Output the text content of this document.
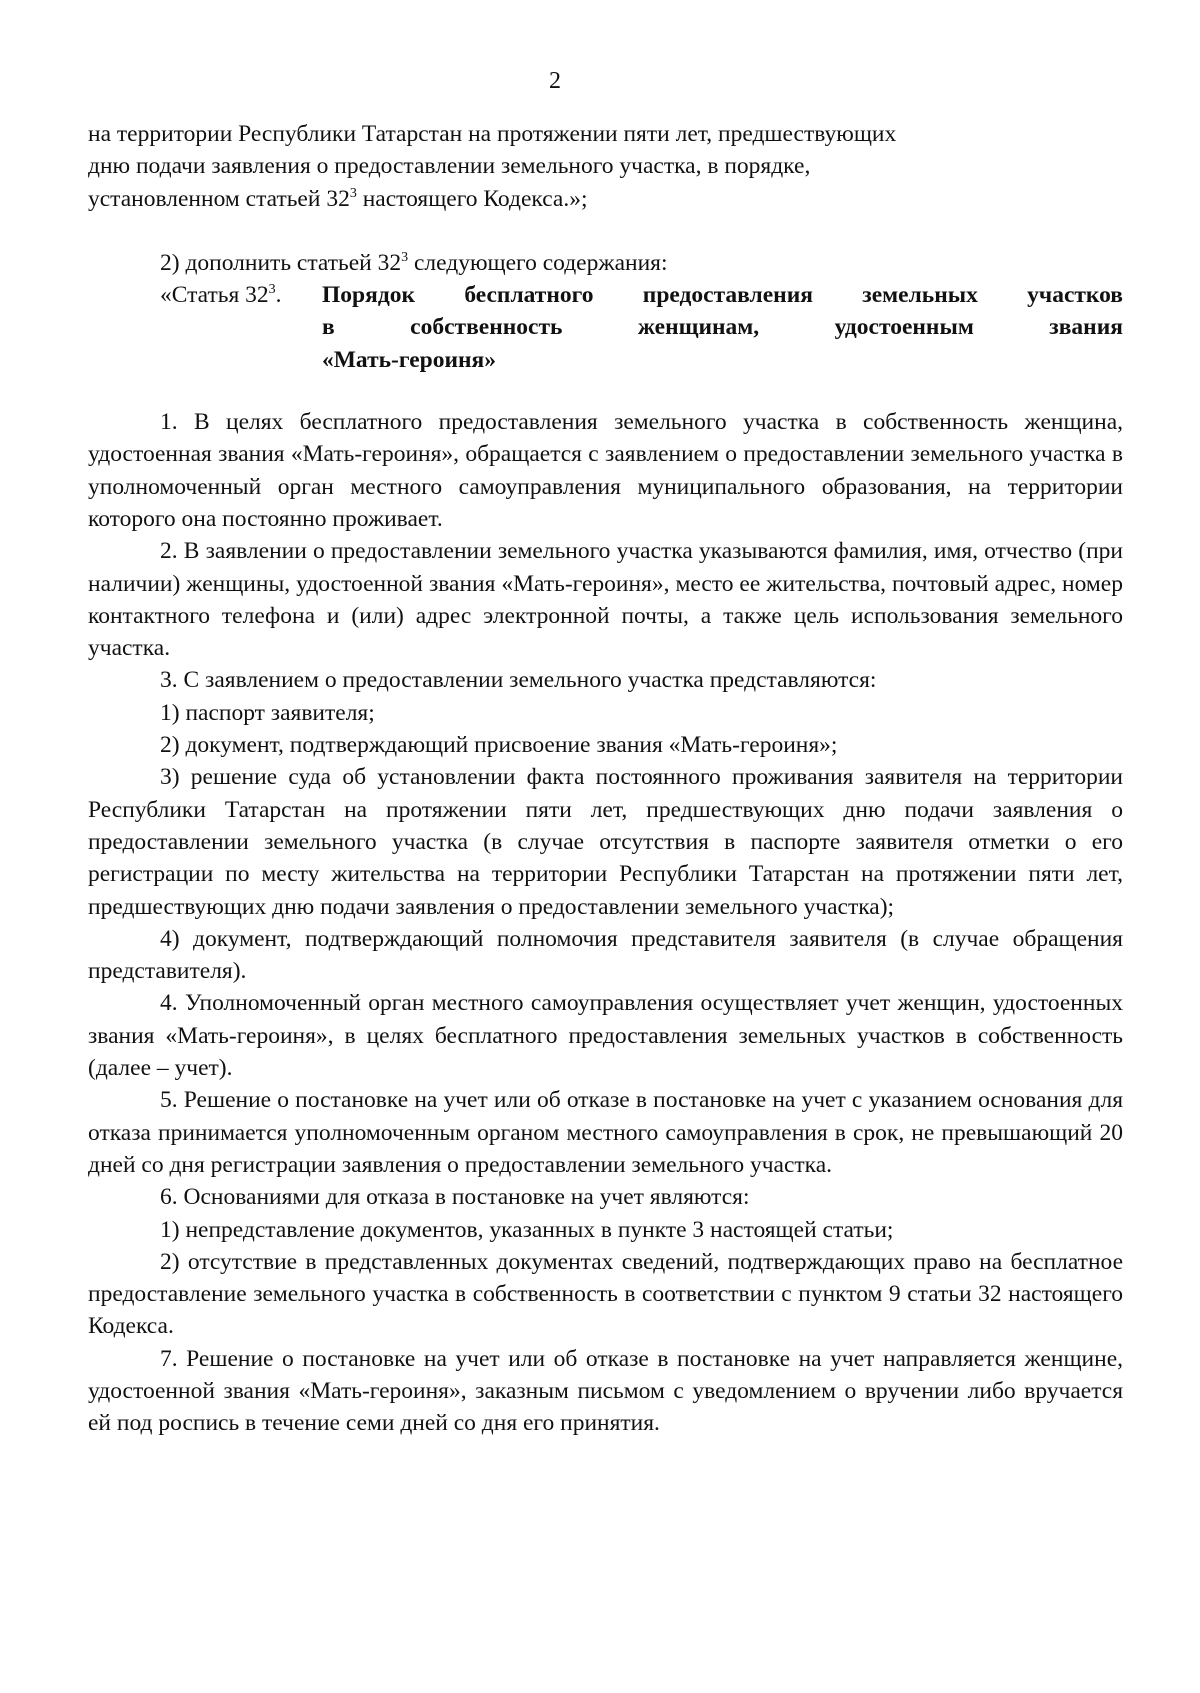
2

на территории Республики Татарстан на протяжении пяти лет, предшествующих

дню подачи заявления о предоставлении земельного участка, в порядке,

установленном статьей $32^3$ настоящего Кодекса.»;

2) дополнить статьей $32^3$ следующего содержания:

«Статья $32^3$.	Порядок бесплатного предоставления земельных участков
в	собственность	женщинам,	удостоенным	звания
«Мать-героиня»

1. В целях бесплатного предоставления земельного участка в собственность женщина, удостоенная звания «Мать-героиня», обращается с заявлением о предоставлении земельного участка в уполномоченный орган местного самоуправления муниципального образования, на территории которого она постоянно проживает.

2. В заявлении о предоставлении земельного участка указываются фамилия, имя, отчество (при наличии) женщины, удостоенной звания «Мать-героиня», место ее жительства, почтовый адрес, номер контактного телефона и (или) адрес электронной почты, а также цель использования земельного участка.

3. С заявлением о предоставлении земельного участка представляются:

1) паспорт заявителя;

2) документ, подтверждающий присвоение звания «Мать-героиня»;

3) решение суда об установлении факта постоянного проживания заявителя на территории Республики Татарстан на протяжении пяти лет, предшествующих дню подачи заявления о предоставлении земельного участка (в случае отсутствия в паспорте заявителя отметки о его регистрации по месту жительства на территории Республики Татарстан на протяжении пяти лет, предшествующих дню подачи заявления о предоставлении земельного участка);

4) документ, подтверждающий полномочия представителя заявителя (в случае обращения представителя).

4. Уполномоченный орган местного самоуправления осуществляет учет женщин, удостоенных звания «Мать-героиня», в целях бесплатного предоставления земельных участков в собственность (далее – учет).

5. Решение о постановке на учет или об отказе в постановке на учет с указанием основания для отказа принимается уполномоченным органом местного самоуправления в срок, не превышающий 20 дней со дня регистрации заявления о предоставлении земельного участка.

6. Основаниями для отказа в постановке на учет являются:

1) непредставление документов, указанных в пункте 3 настоящей статьи;

2) отсутствие в представленных документах сведений, подтверждающих право на бесплатное предоставление земельного участка в собственность в соответствии с пунктом 9 статьи 32 настоящего Кодекса.

7. Решение о постановке на учет или об отказе в постановке на учет направляется женщине, удостоенной звания «Мать-героиня», заказным письмом с уведомлением о вручении либо вручается ей под роспись в течение семи дней со дня его принятия.
